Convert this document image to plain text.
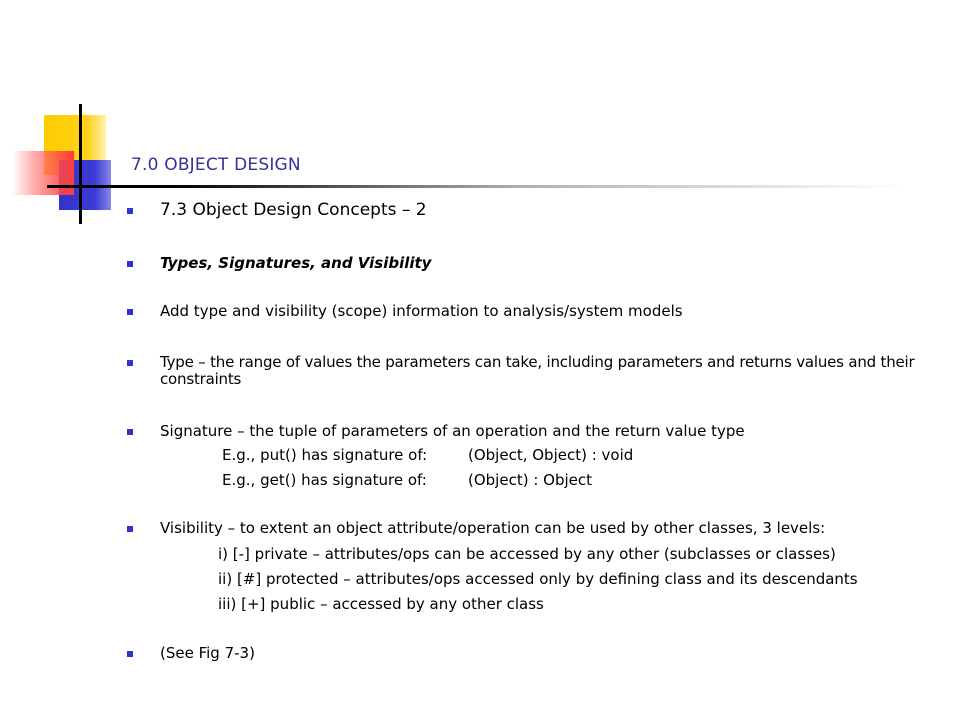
7.0 OBJECT DESIGN
7.3 Object Design Concepts – 2
Types, Signatures, and Visibility
Add type and visibility (scope) information to analysis/system models
Type – the range of values the parameters can take, including parameters and returns values and their constraints
Signature – the tuple of parameters of an operation and the return value type
E.g., put() has signature of:	(Object, Object) : void
E.g., get() has signature of:	(Object) : Object
Visibility – to extent an object attribute/operation can be used by other classes, 3 levels:
i) [-] private – attributes/ops can be accessed by any other (subclasses or classes)
ii) [#] protected – attributes/ops accessed only by defining class and its descendants
iii) [+] public – accessed by any other class
(See Fig 7-3)
